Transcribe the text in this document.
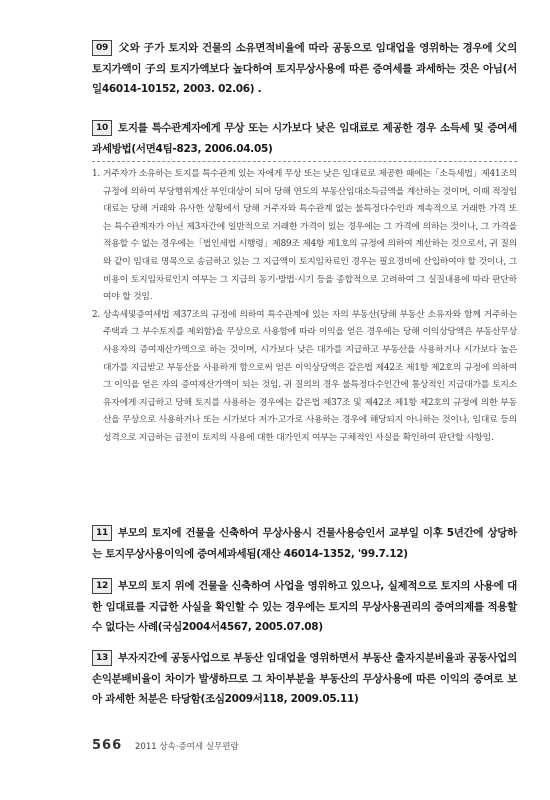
09 父와 子가 토지와 건물의 소유면적비율에 따라 공동으로 임대업을 영위하는 경우에 父의 토지가액이 子의 토지가액보다 높다하여 토지무상사용에 따른 증여세를 과세하는 것은 아님(서일46014-10152, 2003. 02.06) .

10 토지를 특수관계자에게 무상 또는 시가보다 낮은 임대료로 제공한 경우 소득세 및 증여세 과세방법(서면4팀-823, 2006.04.05)

1. 거주자가 소유하는 토지를 특수관계 있는 자에게 무상 또는 낮은 임대료로 제공한 때에는「소득세법」제41조의 규정에 의하여 부당행위계산 부인대상이 되어 당해 연도의 부동산임대소득금액을 계산하는 것이며, 이때 적정임대료는 당해 거래와 유사한 상황에서 당해 거주자와 특수관계 없는 불특정다수인과 계속적으로 거래한 가격 또는 특수관계자가 아닌 제3자간에 일반적으로 거래한 가격이 있는 경우에는 그 가격에 의하는 것이나, 그 가격을 적용할 수 없는 경우에는「법인세법 시행령」제89조 제4항 제1호의 규정에 의하여 계산하는 것으로서, 귀 질의와 같이 임대료 명목으로 송금하고 있는 그 지급액이 토지임차료인 경우는 필요경비에 산입하여야 할 것이나, 그 비용이 토지임차료인지 여부는 그 지급의 동기·방법·시기 등을 종합적으로 고려하여 그 실질내용에 따라 판단하여야 할 것임.
2. 상속세및증여세법 제37조의 규정에 의하여 특수관계에 있는 자의 부동산(당해 부동산 소유자와 함께 거주하는 주택과 그 부수토지를 제외함)을 무상으로 사용함에 따라 이익을 얻은 경우에는 당해 이익상당액은 부동산무상사용자의 증여재산가액으로 하는 것이며, 시가보다 낮은 대가를 지급하고 부동산을 사용하거나 시가보다 높은 대가를 지급받고 부동산을 사용하게 함으로써 얻은 이익상당액은 같은법 제42조 제1항 제2호의 규정에 의하여 그 이익을 얻은 자의 증여재산가액이 되는 것임. 귀 질의의 경우 불특정다수인간에 통상적인 지급대가를 토지소유자에게 지급하고 당해 토지를 사용하는 경우에는 같은법 제37조 및 제42조 제1항 제2호의 규정에 의한 부동산을 무상으로 사용하거나 또는 시가보다 저가·고가로 사용하는 경우에 해당되지 아니하는 것이나, 임대료 등의 성격으로 지급하는 금전이 토지의 사용에 대한 대가인지 여부는 구체적인 사실을 확인하여 판단할 사항임.

11 부모의 토지에 건물을 신축하여 무상사용시 건물사용승인서 교부일 이후 5년간에 상당하는 토지무상사용이익에 증여세과세됨(재산 46014-1352, '99.7.12)

12 부모의 토지 위에 건물을 신축하여 사업을 영위하고 있으나, 실제적으로 토지의 사용에 대한 임대료를 지급한 사실을 확인할 수 있는 경우에는 토지의 무상사용권리의 증여의제를 적용할 수 없다는 사례(국심2004서4567, 2005.07.08)

13 부자지간에 공동사업으로 부동산 임대업을 영위하면서 부동산 출자지분비율과 공동사업의 손익분배비율이 차이가 발생하므로 그 차이부분을 부동산의 무상사용에 따른 이익의 증여로 보아 과세한 처분은 타당함(조심2009서118, 2009.05.11)

566 2011 상속·증여세 실무편람
